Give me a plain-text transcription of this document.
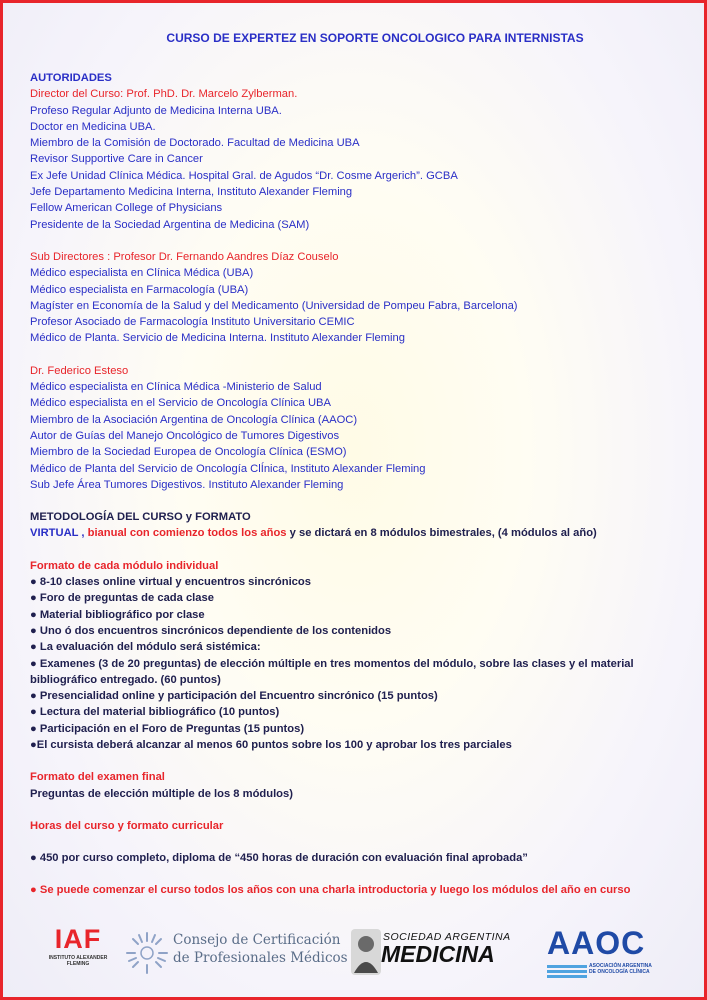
CURSO DE EXPERTEZ EN SOPORTE ONCOLOGICO PARA INTERNISTAS
AUTORIDADES
Director del Curso: Prof. PhD. Dr. Marcelo Zylberman.
Profeso Regular Adjunto de Medicina Interna UBA.
Doctor en Medicina UBA.
Miembro de la Comisión de Doctorado. Facultad de Medicina UBA
Revisor Supportive Care in Cancer
Ex Jefe Unidad Clínica Médica. Hospital Gral. de Agudos “Dr. Cosme Argerich”. GCBA
Jefe Departamento Medicina Interna, Instituto Alexander Fleming
Fellow American College of Physicians
Presidente de la Sociedad Argentina de Medicina (SAM)
Sub Directores : Profesor Dr. Fernando Aandres Díaz Couselo
Médico especialista en Clínica Médica (UBA)
Médico especialista en Farmacología (UBA)
Magíster en Economía de la Salud y del Medicamento (Universidad de Pompeu Fabra, Barcelona)
Profesor Asociado de Farmacología Instituto Universitario CEMIC
Médico de Planta. Servicio de Medicina Interna. Instituto Alexander Fleming
Dr. Federico Esteso
Médico especialista en Clínica Médica -Ministerio de Salud
Médico especialista en el Servicio de Oncología Clínica UBA
Miembro de la Asociación Argentina de Oncología Clínica (AAOC)
Autor de Guías del Manejo Oncológico de Tumores Digestivos
Miembro de la Sociedad Europea de Oncología Clínica (ESMO)
Médico de Planta del Servicio de Oncología ClÍnica, Instituto Alexander Fleming
Sub Jefe Área Tumores Digestivos. Instituto Alexander Fleming
METODOLOGÍA DEL CURSO y FORMATO
VIRTUAL , bianual con comienzo todos los años y se dictará en 8 módulos bimestrales, (4 módulos al año)
Formato de cada módulo individual
● 8-10 clases online virtual y encuentros sincrónicos
● Foro de preguntas de cada clase
● Material bibliográfico por clase
● Uno ó dos encuentros sincrónicos dependiente de los contenidos
● La evaluación del módulo será sistémica:
● Examenes (3 de 20 preguntas) de elección múltiple en tres momentos del módulo, sobre las clases y el material bibliográfico entregado. (60 puntos)
● Presencialidad online y participación del Encuentro sincrónico (15 puntos)
● Lectura del material bibliográfico (10 puntos)
● Participación en el Foro de Preguntas (15 puntos)
●El cursista deberá alcanzar al menos 60 puntos sobre los 100 y aprobar los tres parciales
Formato del examen final
Preguntas de elección múltiple de los 8 módulos)
Horas del curso y formato curricular
● 450 por curso completo, diploma de “450 horas de duración con evaluación final aprobada”
● Se puede comenzar el curso todos los años con una charla introductoria y luego los módulos del año en curso
IAF
INSTITUTO ALEXANDER FLEMING
Consejo de Certificación
de Profesionales Médicos
SOCIEDAD ARGENTINA
MEDICINA AAOC
ASOCIACIÓN ARGENTINA
DE ONCOLOGÍA CLÍNICA
